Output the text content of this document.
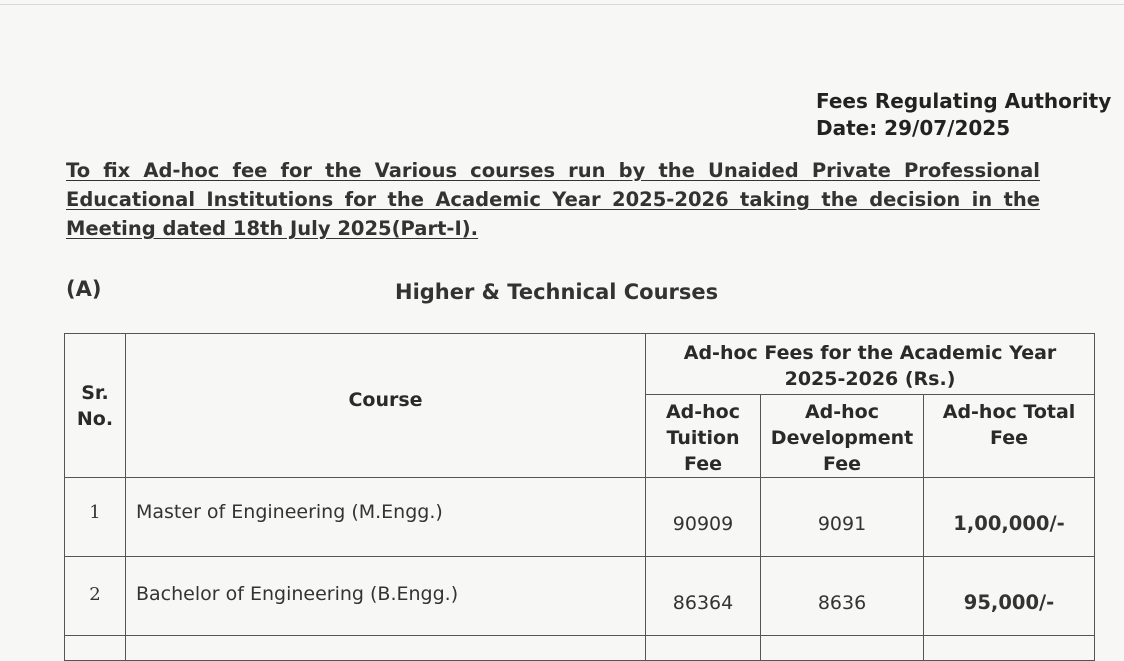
Fees Regulating Authority
Date: 29/07/2025
To fix Ad-hoc fee for the Various courses run by the Unaided Private Professional
Educational Institutions for the Academic Year 2025-2026 taking the decision in the
Meeting dated 18th July 2025(Part-I).
(A)	Higher & Technical Courses
Sr. No.	Course	Ad-hoc Fees for the Academic Year 2025-2026 (Rs.)		
		Ad-hoc Tuition Fee	Ad-hoc Development Fee	Ad-hoc Total Fee
1	Master of Engineering (M.Engg.)	90909	9091	1,00,000/-
2	Bachelor of Engineering (B.Engg.)	86364	8636	95,000/-
